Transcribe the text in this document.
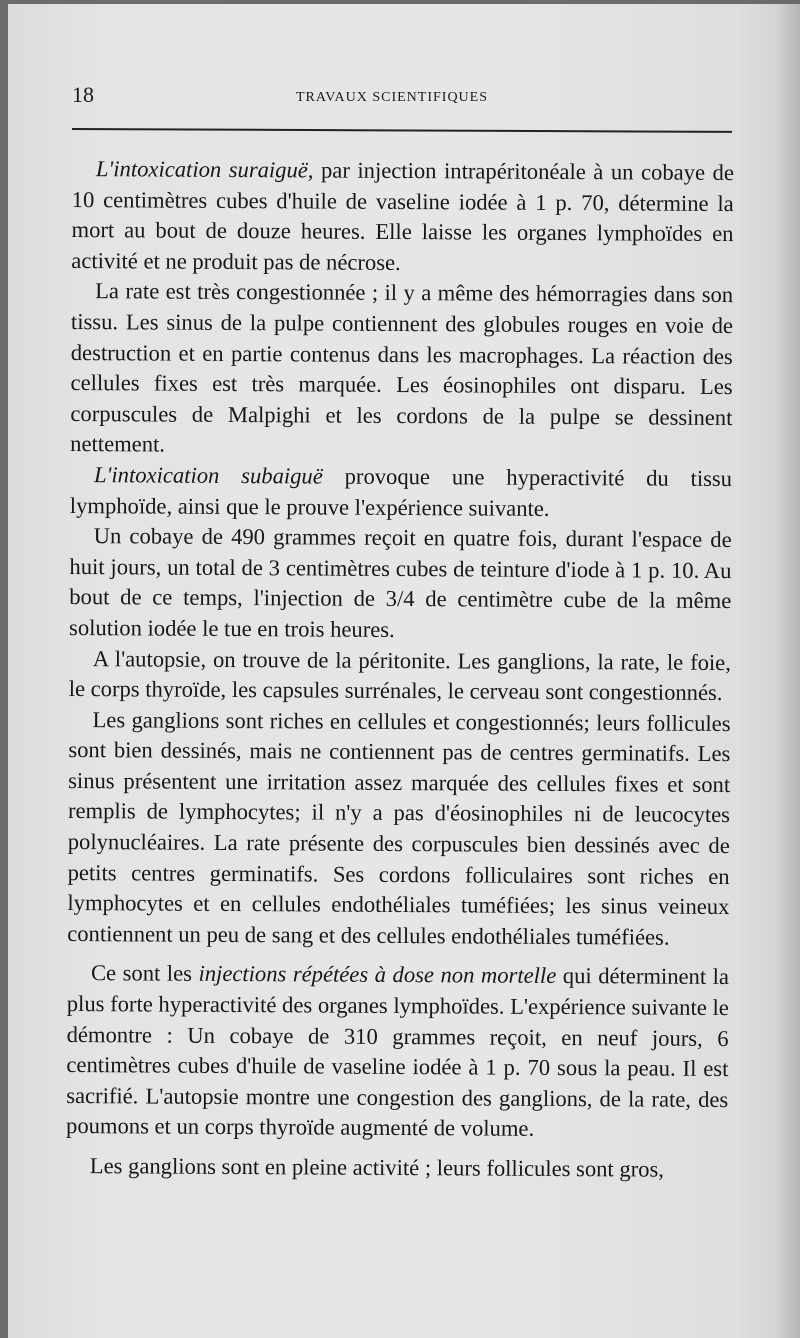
18	TRAVAUX SCIENTIFIQUES

L'intoxication suraiguë, par injection intrapéritonéale à un cobaye de 10 centimètres cubes d'huile de vaseline iodée à 1 p. 70, détermine la mort au bout de douze heures. Elle laisse les organes lymphoïdes en activité et ne produit pas de nécrose.

La rate est très congestionnée ; il y a même des hémorragies dans son tissu. Les sinus de la pulpe contiennent des globules rouges en voie de destruction et en partie contenus dans les macrophages. La réaction des cellules fixes est très marquée. Les éosinophiles ont disparu. Les corpuscules de Malpighi et les cordons de la pulpe se dessinent nettement.

L'intoxication subaiguë provoque une hyperactivité du tissu lymphoïde, ainsi que le prouve l'expérience suivante.

Un cobaye de 490 grammes reçoit en quatre fois, durant l'espace de huit jours, un total de 3 centimètres cubes de teinture d'iode à 1 p. 10. Au bout de ce temps, l'injection de 3/4 de centimètre cube de la même solution iodée le tue en trois heures.

A l'autopsie, on trouve de la péritonite. Les ganglions, la rate, le foie, le corps thyroïde, les capsules surrénales, le cerveau sont congestionnés.

Les ganglions sont riches en cellules et congestionnés; leurs follicules sont bien dessinés, mais ne contiennent pas de centres germinatifs. Les sinus présentent une irritation assez marquée des cellules fixes et sont remplis de lymphocytes; il n'y a pas d'éosinophiles ni de leucocytes polynucléaires. La rate présente des corpuscules bien dessinés avec de petits centres germinatifs. Ses cordons folliculaires sont riches en lymphocytes et en cellules endothéliales tuméfiées; les sinus veineux contiennent un peu de sang et des cellules endothéliales tuméfiées.

Ce sont les injections répétées à dose non mortelle qui déterminent la plus forte hyperactivité des organes lymphoïdes. L'expérience suivante le démontre : Un cobaye de 310 grammes reçoit, en neuf jours, 6 centimètres cubes d'huile de vaseline iodée à 1 p. 70 sous la peau. Il est sacrifié. L'autopsie montre une congestion des ganglions, de la rate, des poumons et un corps thyroïde augmenté de volume.

Les ganglions sont en pleine activité ; leurs follicules sont gros,
